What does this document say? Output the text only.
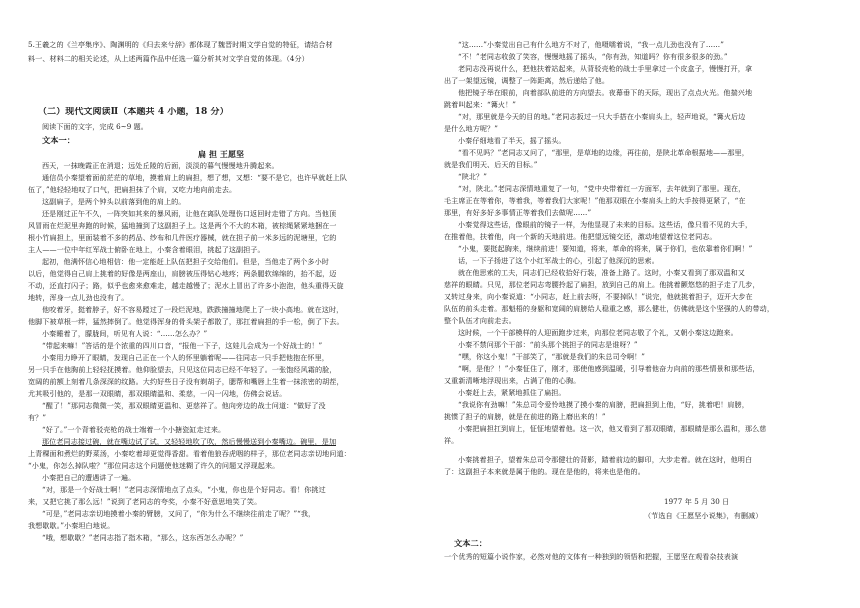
5.王羲之的《兰亭集序》、陶渊明的《归去来兮辞》都体现了魏晋时期文学自觉的特征，请结合材
料一、材料二的相关论述，从上述两篇作品中任选一篇分析其对文学自觉的体现。（4分）
（二）现代文阅读Ⅱ（本题共 4 小题，18 分）
阅读下面的文字，完成 6~9 题。
文本一：
扁 担 王愿坚
西天，一抹晚霞正在消退；远处丘陵的后面，淡淡的暮气慢慢地升腾起来。
通信员小秦望着面前茫茫的草地，摸着肩上的扁担，想了想，又想：“要不是它，也许早就赶上队
伍了，”他轻轻地叹了口气，把扁担抹了个肩，又吃力地向前走去。
这副扁子，是两个钟头以前落到他的肩上的。
还是刚过正午不久，一阵突如其来的暴风雨，让他在离队处理伤口返回时走错了方向。当他顶
风冒雨在烂泥里奔跑的时候，猛地撞到了这副担子上。这是两个不大的木箱，被棕绳紧紧地捆在一
根小竹扁担上，里面装着不多的药品、纱布和几件医疗器械，就在担子前一米多远的泥塘里，它的
主人——一位中年红军战士俯卧在地上，小秦含着眼泪，挑起了这副担子。
起初，他满怀信心地相信：他一定能赶上队伍把担子交给他们。但是，当他走了两个多小时
以后，他觉得自己肩上挑着的好像是两座山，肩膀被压得钻心地疼；两条腿软绵绵的，抬不起，迈
不动，还直打闪子；路，似乎也愈来愈难走，越走越慢了；泥水上冒出了许多小泡泡，他头重得天旋
地转，浑身一点儿劲也没有了。
他咬着牙，挺着脖子，好不容易蹚过了一段烂泥地，跌跌撞撞地爬上了一块小高地。就在这时，
他脚下被草根一绊，猛然摔倒了。他觉得浑身的骨头架子都散了，那扛着扁担的手一松，倒了下去。
小秦睡着了，朦胧间，听见有人说：“……怎么办？”
“带起来嘛！”答话的是个浓重的四川口音，“报他一下子，这娃儿会成为一个好战士的！”
小秦用力睁开了眼睛，发现自己正在一个人的怀里躺着呢——往同志一只手把他抱在怀里，
另一只手在他胸前上轻轻抚摸着。他仰脸望去，只见这位同志已经不年轻了。一张饱经风霜的脸，
宽阔的前额上刻着几条深深的纹路。大约好些日子没有剃胡子，腮帮和嘴唇上生着一抹浓密的胡茬，
尤其吸引他的，是那一双眼睛，那双眼睛温和、柔慈，一闪一闪地，仿佛会说话。
“醒了！”那同志微微一笑，那双眼睛更温和、更慈祥了。他向旁边的战士问道：“做好了没
有？”
“好了。”一个背着驳壳枪的战士端着一个小搪瓷缸走过来。
那位老同志接过碗，就在嘴边试了试，又轻轻地吹了吹，然后慢慢送到小秦嘴边。碗里，是加
上青稞面和煮烂的野菜汤，小秦吃着却更觉得香甜。看着他狼吞虎咽的样子，那位老同志亲切地问道：
“小鬼，你怎么掉队啦？”那位同志这个问题使他迷糊了许久的问题又浮现起来。
小秦把自己的遭遇讲了一遍。
“对，那是一个好战士啊！”老同志深情地点了点头，“小鬼，你也是个好同志。看！你挑过
来，又把它挑了那么远！”说到了老同志的夸奖，小秦不好意思地笑了笑。
“可是，”老同志亲切地摸着小秦的臂膀，又问了，“你为什么不继续往前走了呢？”“我，
我想歇歇。”小秦坦白地说。
“哦，想歇歇？”老同志指了指木箱，“那么，这东西怎么办呢？”
“这……”小秦觉出自己有什么地方不对了，他嗫嚅着说，“我一点儿劲也没有了……”
“不！”老同志收敛了笑容，慢慢地摇了摇头，“你有劲，知道吗？你有很多很多的劲。”
老同志没再说什么，把他扶着站起来，从背驳壳枪的战士手里拿过一个皮盒子，慢慢打开，拿
出了一架望远镜，调整了一阵距离，然后递给了他。
他把镜子举在眼前，向着部队前进的方向望去。夜幕垂下的天际，现出了点点火光。他揣兴地
跳着叫起来：“篝火！”
“对，那里就是今天的目的地。”老同志扳过一只大手搭在小秦肩头上，轻声地说，“篝火后边
是什么地方呢？”
小秦仔细地看了半天，摇了摇头。
“看不见吗？”老同志又问了，“那里，是草地的边缘，再往前，是陕北革命根据地——那里，
就是我们明天、后天的目标。”
“陕北？”
“对，陕北。”老同志深情地重复了一句，“党中央带着红一方面军，去年就到了那里。现在，
毛主席正在等着你，等着我，等着我们大家呢！”他那双眼在小秦肩头上的大手按得更紧了，“在
那里，有好多好多事情正等着我们去做呢……”
小秦觉得这些话，像眼前的镜子一样，为他显现了未来的目标。这些话，像只看不见的大手，
在推着他，扶着他，向一个新的天地前进。他把望远镜交还，激动地望着这位老同志。
“小鬼，要挺起胸来，继续前进！要知道，将来，革命的将来，属于你们，也依靠着你们啊！”
话，一下子扬进了这个小红军战士的心，引起了他深沉的思索。
就在他思索的工夫，同志们已经收拾好行装，准备上路了。这时，小秦又看到了那双温和又
慈祥的眼睛。只见，那位老同志弯腰拎起了扁担，放到自己的肩上。他挑着颤悠悠的担子走了几步，
又转过身来，向小秦说道：“小同志，赶上前去呀，不要掉队！”说完，他就挑着担子，迈开大步在
队伍的前头走着。那魁梧的身躯和宽阔的肩膀给人稳重之感，那么健壮，仿佛就是这个坚强的人的带动，
整个队伍才向前走去。
这时候，一个干部模样的人迎面跑步过来，向那位老同志敬了个礼，又朝小秦这边跑来。
小秦不禁问那个干部：“前头那个挑担子的同志是谁呀？”
“嘿，你这小鬼！”干部笑了，“那就是我们的朱总司令啊！”
“啊，是他？！”小秦怔住了，刚才，那使他感到温暖，引导着他奋力向前的那些情景和那些话，
又重新清晰地浮现出来，占满了他的心胸。
小秦赶上去，紧紧地抓住了扁担。
“我说你有劲嘛！”朱总司令爱怜地摸了摸小秦的肩膀，把扁担到上他，“好，挑着吧！肩膀，
挑惯了担子的肩膀，就是在前进的路上磨出来的！”
小秦把扁担扛到肩上，怔怔地望着他。这一次，他又看到了那双眼睛，那眼睛是那么温和，那么慈
祥。
小秦挑着担子，望着朱总司令那健壮的背影，踏着前边的脚印，大步走着。就在这时，他明白
了：这副担子本来就是属于他的。现在是他的，将来也是他的。
1977 年 5 月 30 日
（节选自《王愿坚小说集》，有删减）
文本二：
一个优秀的短篇小说作家，必然对他的文体有一种独到的领悟和把握，王愿坚在观看杂技表演
